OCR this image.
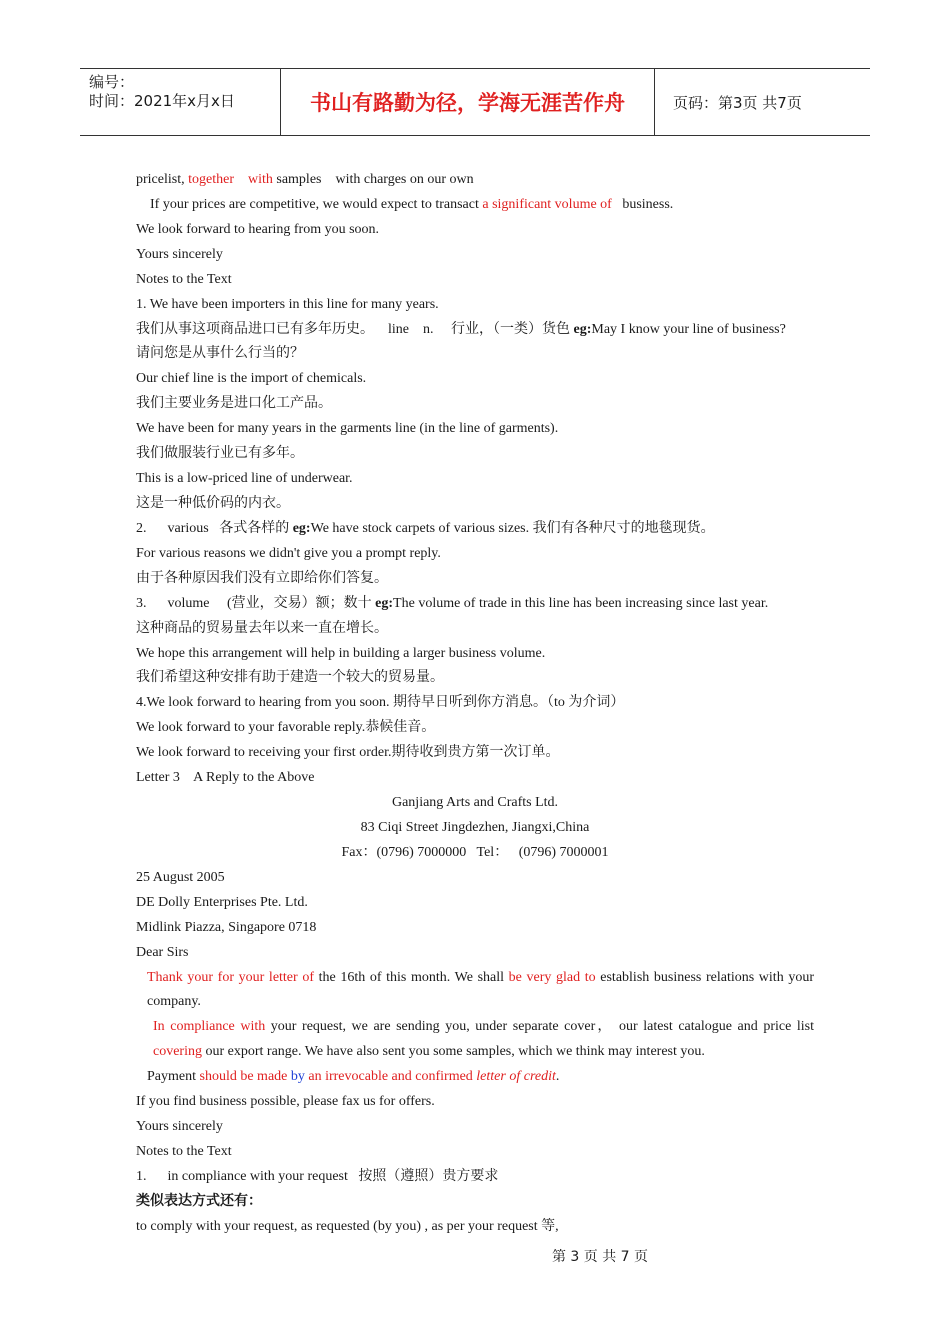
编号：
时间：2021年x月x日	书山有路勤为径，学海无涯苦作舟	页码：第3页 共7页
pricelist, together with samples    with charges on our own
If your prices are competitive, we would expect to transact a significant volume of   business.
We look forward to hearing from you soon.
Yours sincerely
Notes to the Text
1. We have been importers in this line for many years.
我们从事这项商品进口已有多年历史。    line    n.     行业，（一类）货色 eg:May I know your line of business?
请问您是从事什么行当的？
Our chief line is the import of chemicals.
我们主要业务是进口化工产品。
We have been for many years in the garments line (in the line of garments).
我们做服装行业已有多年。
This is a low-priced line of underwear.
这是一种低价码的内衣。
2.      various   各式各样的 eg:We have stock carpets of various sizes. 我们有各种尺寸的地毯现货。
For various reasons we didn't give you a prompt reply.
由于各种原因我们没有立即给你们答复。
3.      volume     (营业，交易）额；数十 eg:The volume of trade in this line has been increasing since last year.
这种商品的贸易量去年以来一直在增长。
We hope this arrangement will help in building a larger business volume.
我们希望这种安排有助于建造一个较大的贸易量。
4.We look forward to hearing from you soon. 期待早日听到你方消息。（to 为介词）
We look forward to your favorable reply.恭候佳音。
We look forward to receiving your first order.期待收到贵方第一次订单。
Letter 3    A Reply to the Above
Ganjiang Arts and Crafts Ltd.
83 Ciqi Street Jingdezhen, Jiangxi,China
Fax：(0796) 7000000   Tel：   (0796) 7000001
25 August 2005
DE Dolly Enterprises Pte. Ltd.
Midlink Piazza, Singapore 0718
Dear Sirs
Thank your for your letter of the 16th of this month. We shall be very glad to establish business relations with your company.
In compliance with your request, we are sending you, under separate cover， our latest catalogue and price list covering our export range. We have also sent you some samples, which we think may interest you.
Payment should be made by an irrevocable and confirmed letter of credit.
If you find business possible, please fax us for offers.
Yours sincerely
Notes to the Text
1.      in compliance with your request   按照（遵照）贵方要求
类似表达方式还有：
to comply with your request, as requested (by you) , as per your request 等,
第 3 页 共 7 页
